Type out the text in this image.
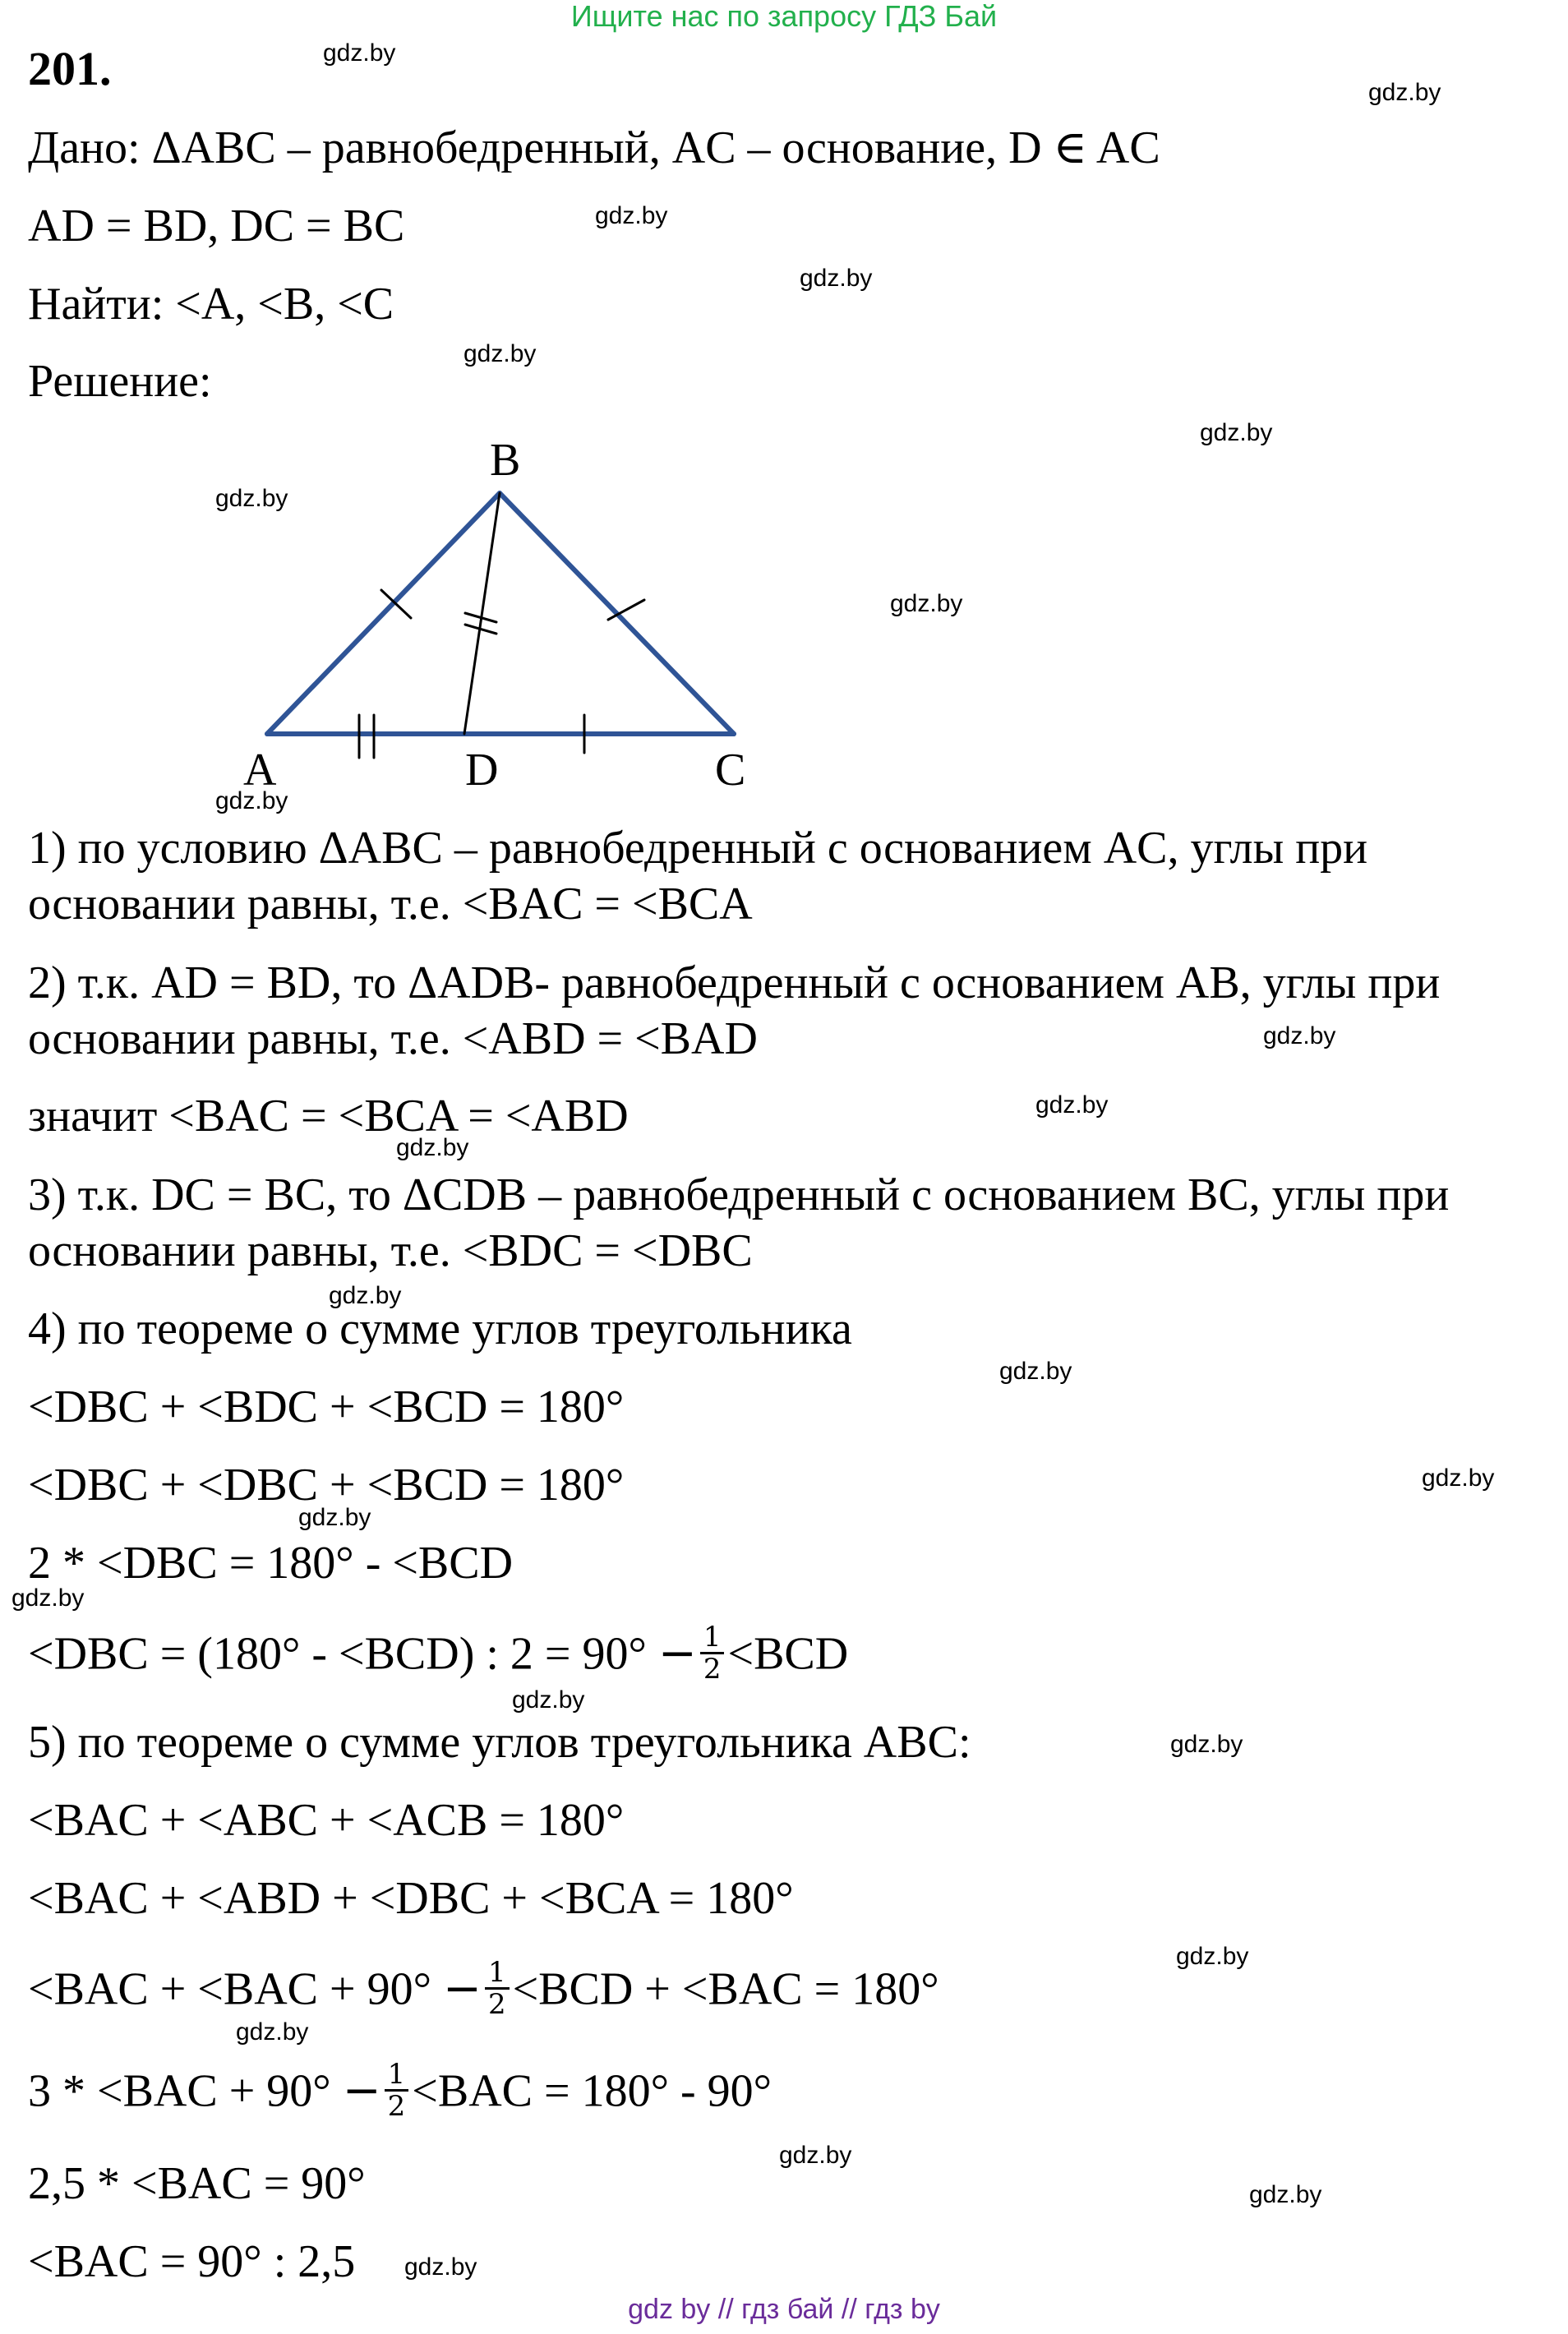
Ищите нас по запросу ГДЗ Бай
201.
Дано: ΔABC – равнобедренный, AC – основание, D ∈ AC
AD = BD, DC = BC
Найти: <A, <B, <C
Решение:
B
A	D	C
1) по условию ΔABC – равнобедренный с основанием AC, углы при
основании равны, т.е. <BAC = <BCA
2) т.к. AD = BD, то ΔADB- равнобедренный с основанием AB, углы при
основании равны, т.е. <ABD = <BAD
значит <BAC = <BCA = <ABD
3) т.к. DC = BC, то ΔCDB – равнобедренный с основанием BC, углы при
основании равны, т.е. <BDC = <DBC
4) по теореме о сумме углов треугольника
<DBC + <BDC + <BCD = 180°
<DBC + <DBC + <BCD = 180°
2 * <DBC = 180° - <BCD
<DBC = (180° - <BCD) : $2 = 90^\circ - \frac{1}{2} <BCD$
5) по теореме о сумме углов треугольника ABC:
<BAC + <ABC + <ACB = 180°
<BAC + <ABD + <DBC + <BCA = 180°
$<BAC + <BAC + 90^\circ - \frac{1}{2} <BCD + <BAC = 180^\circ$
$3 * <BAC + 90^\circ - \frac{1}{2} <BAC = 180^\circ - 90^\circ$
2,5 * <BAC = 90°
<BAC = 90° : 2,5
gdz.by
gdz.by
gdz.by
gdz.by
gdz.by
gdz.by
gdz.by
gdz.by
gdz.by
gdz.by
gdz.by
gdz.by
gdz.by
gdz.by
gdz.by
gdz.by
gdz.by
gdz.by
gdz.by
gdz.by
gdz.by
gdz.by
gdz.by
gdz.by
gdz by // гдз бай // гдз by
